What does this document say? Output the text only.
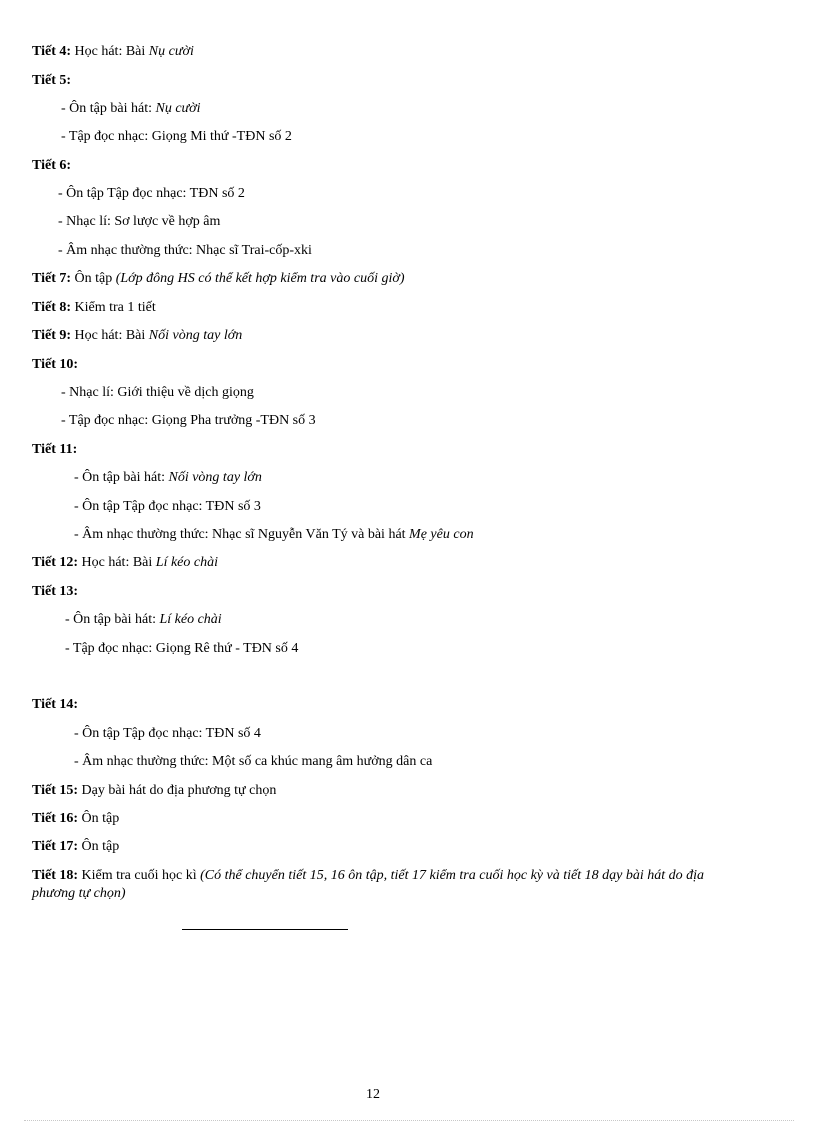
Tiết 4: Học hát: Bài Nụ cười
Tiết 5:
- Ôn tập bài hát: Nụ cười
- Tập đọc nhạc: Giọng Mi thứ -TĐN số 2
Tiết 6:
- Ôn tập Tập đọc nhạc: TĐN số 2
- Nhạc lí: Sơ lược về hợp âm
- Âm nhạc thường thức: Nhạc sĩ Trai-cốp-xki
Tiết 7: Ôn tập (Lớp đông HS có thể kết hợp kiểm tra vào cuối giờ)
Tiết 8: Kiểm tra 1 tiết
Tiết 9: Học hát: Bài Nối vòng tay lớn
Tiết 10:
- Nhạc lí: Giới thiệu về dịch giọng
- Tập đọc nhạc: Giọng Pha trưởng -TĐN số 3
Tiết 11:
- Ôn tập bài hát: Nối vòng tay lớn
- Ôn tập Tập đọc nhạc: TĐN số 3
- Âm nhạc thường thức: Nhạc sĩ Nguyễn Văn Tý và bài hát Mẹ yêu con
Tiết 12: Học hát: Bài Lí kéo chài
Tiết 13:
- Ôn tập bài hát: Lí kéo chài
- Tập đọc nhạc: Giọng Rê thứ - TĐN số 4
Tiết 14:
- Ôn tập Tập đọc nhạc: TĐN số 4
- Âm nhạc thường thức: Một số ca khúc mang âm hưởng dân ca
Tiết 15: Dạy bài hát do địa phương tự chọn
Tiết 16: Ôn tập
Tiết 17: Ôn tập
Tiết 18: Kiểm tra cuối học kì (Có thể chuyển tiết 15, 16 ôn tập, tiết 17 kiểm tra cuối học kỳ và tiết 18 dạy bài hát do địa phương tự chọn)
12
